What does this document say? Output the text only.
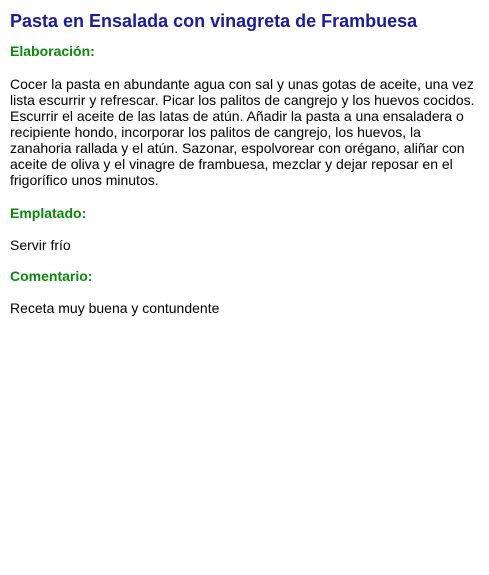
Pasta en Ensalada con vinagreta de Frambuesa
Elaboración:

Cocer la pasta en abundante agua con sal y unas gotas de aceite, una vez lista escurrir y refrescar. Picar los palitos de cangrejo y los huevos cocidos. Escurrir el aceite de las latas de atún. Añadir la pasta a una ensaladera o recipiente hondo, incorporar los palitos de cangrejo, los huevos, la zanahoria rallada y el atún. Sazonar, espolvorear con orégano, aliñar con aceite de oliva y el vinagre de frambuesa, mezclar y dejar reposar en el frigorífico unos minutos.

Emplatado:

Servir frío

Comentario:

Receta muy buena y contundente
